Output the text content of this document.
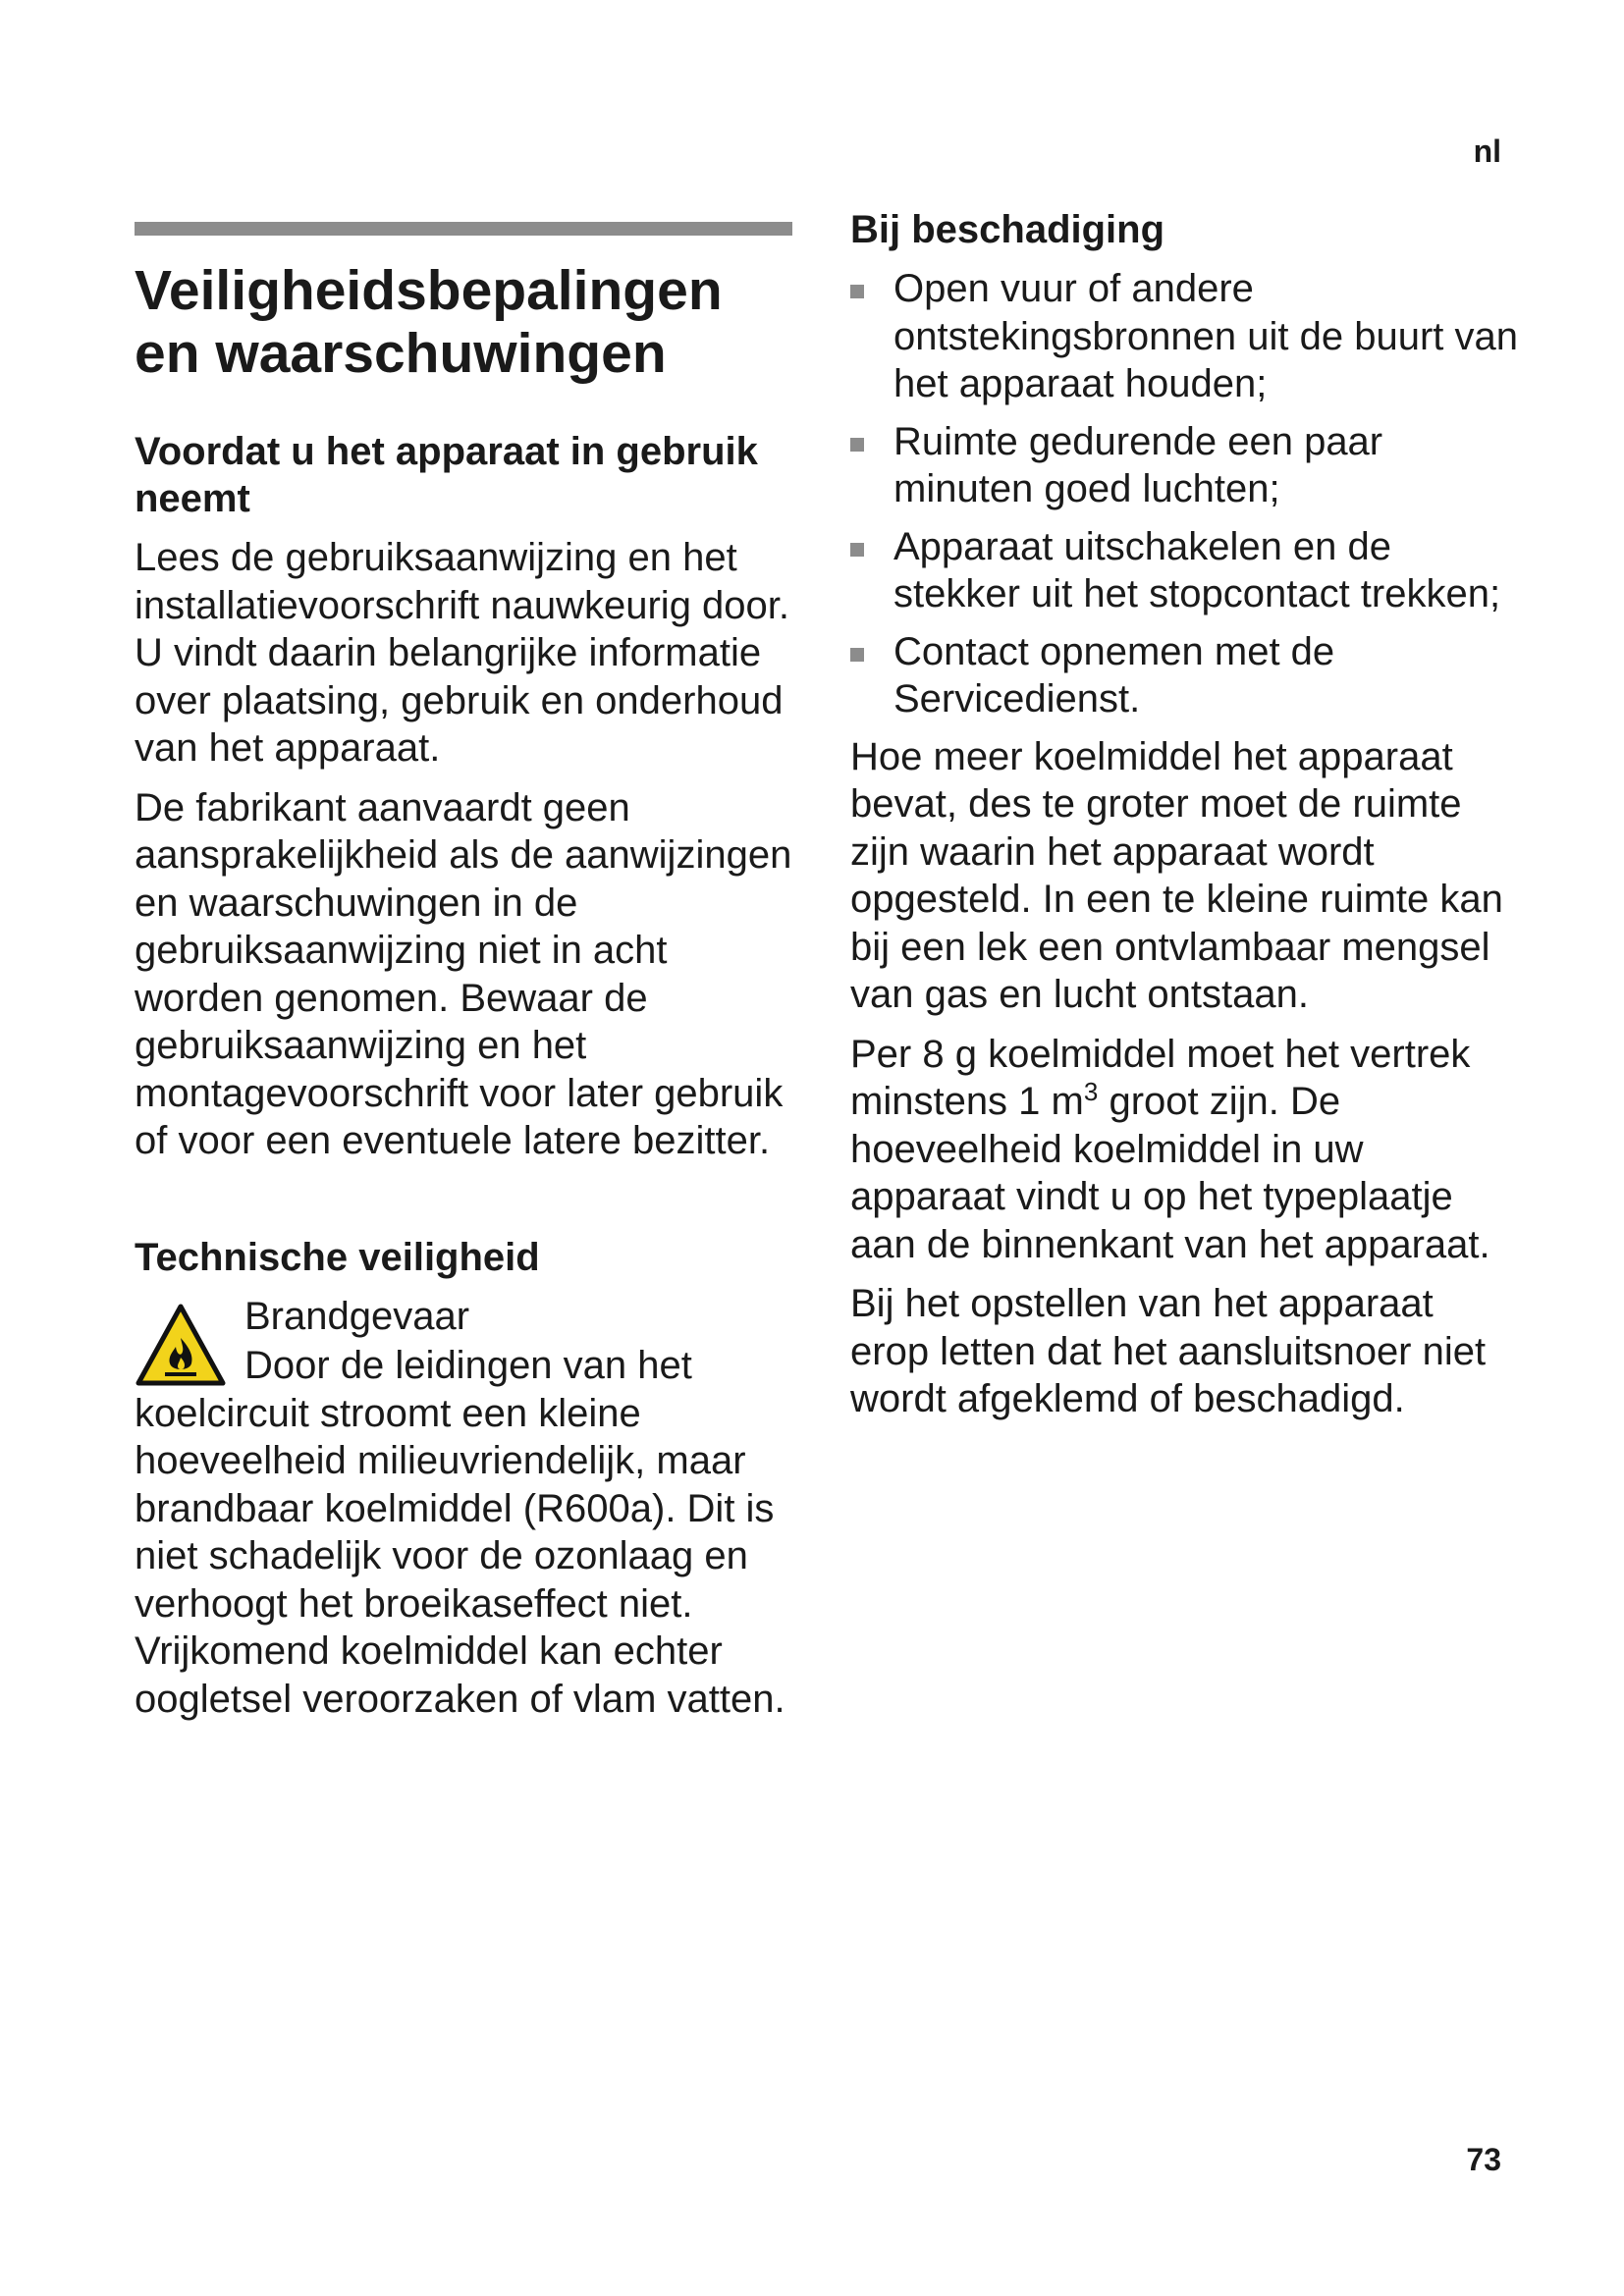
nl
Veiligheidsbepalingen en waarschuwingen
Voordat u het apparaat in gebruik neemt

Lees de gebruiksaanwijzing en het installatievoorschrift nauwkeurig door. U vindt daarin belangrijke informatie over plaatsing, gebruik en onderhoud van het apparaat.

De fabrikant aanvaardt geen aansprakelijkheid als de aanwijzingen en waarschuwingen in de gebruiksaanwijzing niet in acht worden genomen. Bewaar de gebruiksaanwijzing en het montagevoorschrift voor later gebruik of voor een eventuele latere bezitter.

Technische veiligheid

Brandgevaar

Door de leidingen van het koelcircuit stroomt een kleine hoeveelheid milieuvriendelijk, maar brandbaar koelmiddel (R600a). Dit is niet schadelijk voor de ozonlaag en verhoogt het broeikaseffect niet. Vrijkomend koelmiddel kan echter oogletsel veroorzaken of vlam vatten.

Bij beschadiging
Open vuur of andere ontstekingsbronnen uit de buurt van het apparaat houden;
Ruimte gedurende een paar minuten goed luchten;
Apparaat uitschakelen en de stekker uit het stopcontact trekken;
Contact opnemen met de Servicedienst.

Hoe meer koelmiddel het apparaat bevat, des te groter moet de ruimte zijn waarin het apparaat wordt opgesteld. In een te kleine ruimte kan bij een lek een ontvlambaar mengsel van gas en lucht ontstaan.

Per 8 g koelmiddel moet het vertrek minstens 1 $m^3$ groot zijn. De hoeveelheid koelmiddel in uw apparaat vindt u op het typeplaatje aan de binnenkant van het apparaat.

Bij het opstellen van het apparaat erop letten dat het aansluitsnoer niet wordt afgeklemd of beschadigd.

73
